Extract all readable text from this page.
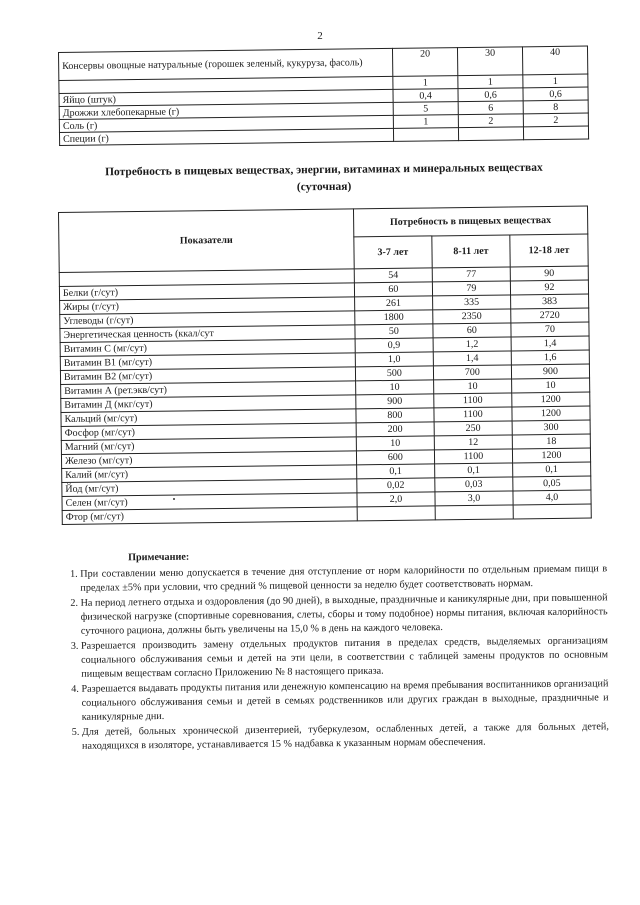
2
Консервы овощные натуральные (горошек зеленый, кукуруза, фасоль)	20	30	40
	1	1	1
Яйцо (штук)	0,4	0,6	0,6
Дрожжи хлебопекарные (г)	5	6	8
Соль (г)	1	2	2
Специи (г)			
Потребность в пищевых веществах, энергии, витаминах и минеральных веществах
(суточная)
Показатели	Потребность в пищевых веществах		
	3-7 лет	8-11 лет	12-18 лет
	54	77	90
Белки (г/сут)	60	79	92
Жиры (г/сут)	261	335	383
Углеводы (г/сут)	1800	2350	2720
Энергетическая ценность (ккал/сут	50	60	70
Витамин С (мг/сут)	0,9	1,2	1,4
Витамин B1 (мг/сут)	1,0	1,4	1,6
Витамин B2 (мг/сут)	500	700	900
Витамин А (рет.экв/сут)	10	10	10
Витамин Д (мкг/сут)	900	1100	1200
Кальций (мг/сут)	800	1100	1200
Фосфор (мг/сут)	200	250	300
Магний (мг/сут)	10	12	18
Железо (мг/сут)	600	1100	1200
Калий (мг/сут)	0,1	0,1	0,1
Йод (мг/сут)	0,02	0,03	0,05
Селен (мг/сут)	2,0	3,0	4,0
Фтор (мг/сут)			
Примечание:
1. При составлении меню допускается в течение дня отступление от норм калорийности по отдельным приемам пищи в пределах ±5% при условии, что средний % пищевой ценности за неделю будет соответствовать нормам.
2. На период летнего отдыха и оздоровления (до 90 дней), в выходные, праздничные и каникулярные дни, при повышенной физической нагрузке (спортивные соревнования, слеты, сборы и тому подобное) нормы питания, включая калорийность суточного рациона, должны быть увеличены на 15,0 % в день на каждого человека.
3. Разрешается производить замену отдельных продуктов питания в пределах средств, выделяемых организациям социального обслуживания семьи и детей на эти цели, в соответствии с таблицей замены продуктов по основным пищевым веществам согласно Приложению № 8 настоящего приказа.
4. Разрешается выдавать продукты питания или денежную компенсацию на время пребывания воспитанников организаций социального обслуживания семьи и детей в семьях родственников или других граждан в выходные, праздничные и каникулярные дни.
5. Для детей, больных хронической дизентерией, туберкулезом, ослабленных детей, а также для больных детей, находящихся в изоляторе, устанавливается 15 % надбавка к указанным нормам обеспечения.
